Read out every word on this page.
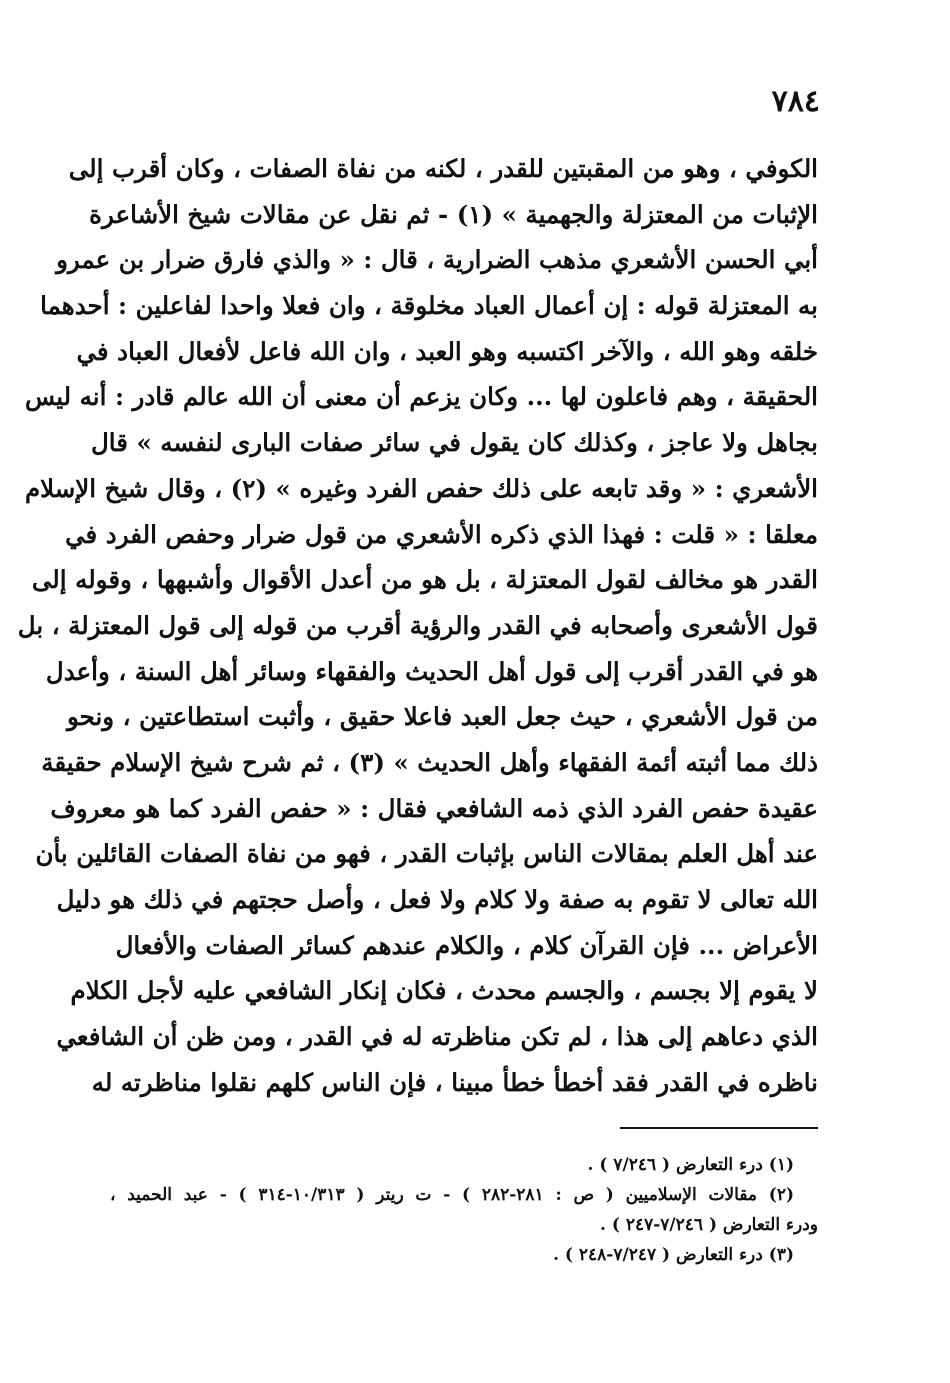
٧٨٤
الكوفي ، وهو من المقبتين للقدر ، لكنه من نفاة الصفات ، وكان أقرب إلى
الإثبات من المعتزلة والجهمية » (١) - ثم نقل عن مقالات شيخ الأشاعرة
أبي الحسن الأشعري مذهب الضرارية ، قال : « والذي فارق ضرار بن عمرو
به المعتزلة قوله : إن أعمال العباد مخلوقة ، وان فعلا واحدا لفاعلين : أحدهما
خلقه وهو الله ، والآخر اكتسبه وهو العبد ، وان الله فاعل لأفعال العباد في
الحقيقة ، وهم فاعلون لها ... وكان يزعم أن معنى أن الله عالم قادر : أنه ليس
بجاهل ولا عاجز ، وكذلك كان يقول في سائر صفات البارى لنفسه » قال
الأشعري : « وقد تابعه على ذلك حفص الفرد وغيره » (٢) ، وقال شيخ الإسلام
معلقا : « قلت : فهذا الذي ذكره الأشعري من قول ضرار وحفص الفرد في
القدر هو مخالف لقول المعتزلة ، بل هو من أعدل الأقوال وأشبهها ، وقوله إلى
قول الأشعرى وأصحابه في القدر والرؤية أقرب من قوله إلى قول المعتزلة ، بل
هو في القدر أقرب إلى قول أهل الحديث والفقهاء وسائر أهل السنة ، وأعدل
من قول الأشعري ، حيث جعل العبد فاعلا حقيق ، وأثبت استطاعتين ، ونحو
ذلك مما أثبته أئمة الفقهاء وأهل الحديث » (٣) ، ثم شرح شيخ الإسلام حقيقة
عقيدة حفص الفرد الذي ذمه الشافعي فقال : « حفص الفرد كما هو معروف
عند أهل العلم بمقالات الناس بإثبات القدر ، فهو من نفاة الصفات القائلين بأن
الله تعالى لا تقوم به صفة ولا كلام ولا فعل ، وأصل حجتهم في ذلك هو دليل
الأعراض ... فإن القرآن كلام ، والكلام عندهم كسائر الصفات والأفعال
لا يقوم إلا بجسم ، والجسم محدث ، فكان إنكار الشافعي عليه لأجل الكلام
الذي دعاهم إلى هذا ، لم تكن مناظرته له في القدر ، ومن ظن أن الشافعي
ناظره في القدر فقد أخطأ خطأ مبينا ، فإن الناس كلهم نقلوا مناظرته له
(١) درء التعارض ( ٧/٢٤٦ ) .
(٢) مقالات الإسلاميين ( ص : ٢٨١-٢٨٢ ) - ت ريتر ( ١٠/٣١٣-٣١٤ ) - عبد الحميد ،
ودرء التعارض ( ٧/٢٤٦-٢٤٧ ) .
(٣) درء التعارض ( ٧/٢٤٧-٢٤٨ ) .
